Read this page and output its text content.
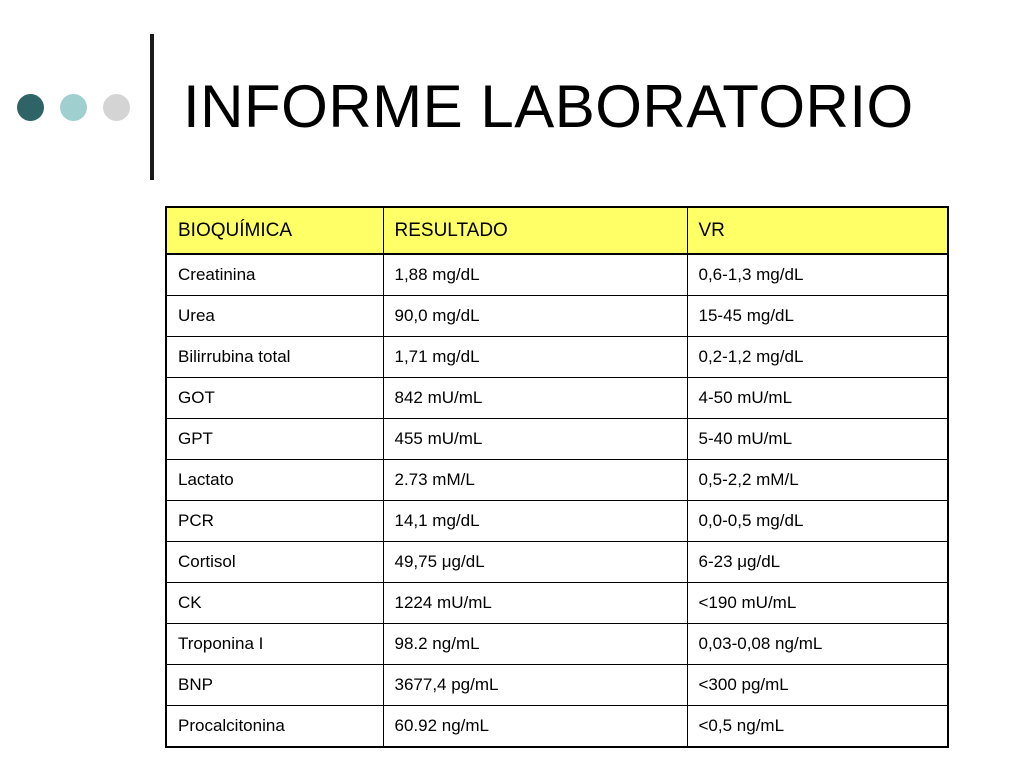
INFORME LABORATORIO
BIOQUÍMICA	RESULTADO	VR
Creatinina	1,88 mg/dL	0,6-1,3 mg/dL
Urea	90,0 mg/dL	15-45 mg/dL
Bilirrubina total	1,71 mg/dL	0,2-1,2 mg/dL
GOT	842 mU/mL	4-50 mU/mL
GPT	455 mU/mL	5-40 mU/mL
Lactato	2.73 mM/L	0,5-2,2 mM/L
PCR	14,1 mg/dL	0,0-0,5 mg/dL
Cortisol	49,75 μg/dL	6-23 μg/dL
CK	1224 mU/mL	<190 mU/mL
Troponina I	98.2 ng/mL	0,03-0,08 ng/mL
BNP	3677,4 pg/mL	<300 pg/mL
Procalcitonina	60.92 ng/mL	<0,5 ng/mL
